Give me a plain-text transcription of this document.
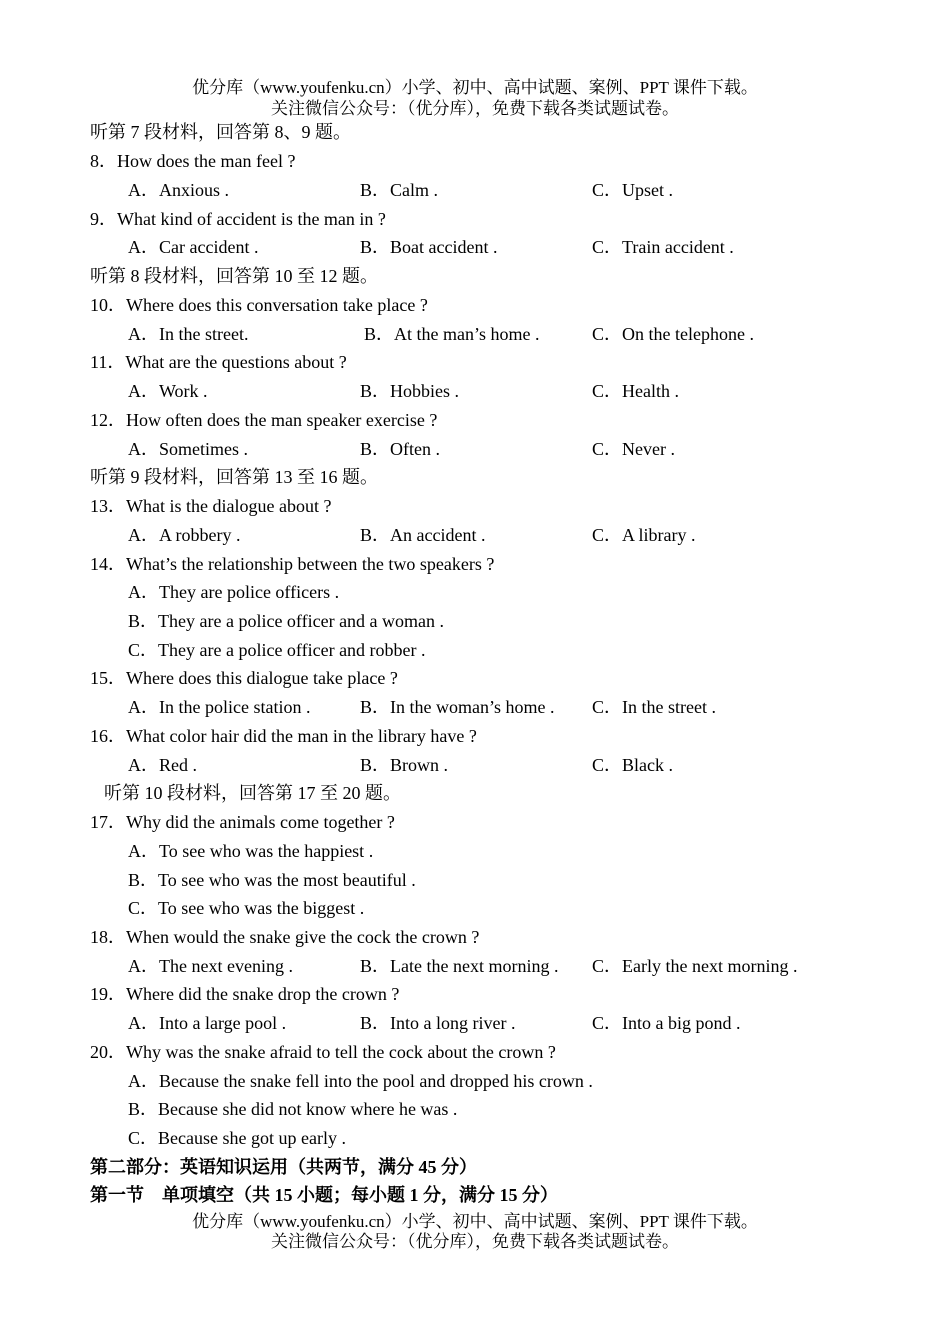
优分库（www.youfenku.cn）小学、初中、高中试题、案例、PPT 课件下载。
关注微信公众号：（优分库），免费下载各类试题试卷。
听第 7 段材料，回答第 8、9 题。
8．How does the man feel ?
A．Anxious .	B．Calm .	C．Upset .
9．What kind of accident is the man in ?
A．Car accident .	B．Boat accident .	C．Train accident .
听第 8 段材料，回答第 10 至 12 题。
10．Where does this conversation take place ?
A．In the street.	B．At the man’s home .	C．On the telephone .
11．What are the questions about ?
A．Work .	B．Hobbies .	C．Health .
12．How often does the man speaker exercise ?
A．Sometimes .	B．Often .	C．Never .
听第 9 段材料，回答第 13 至 16 题。
13．What is the dialogue about ?
A．A robbery .	B．An accident .	C．A library .
14．What’s the relationship between the two speakers ?
A．They are police officers .
B．They are a police officer and a woman .
C．They are a police officer and robber .
15．Where does this dialogue take place ?
A．In the police station .	B．In the woman’s home . C．In the street .
16．What color hair did the man in the library have ?
A．Red .	B．Brown .	C．Black .
听第 10 段材料，回答第 17 至 20 题。
17．Why did the animals come together ?
A．To see who was the happiest .
B．To see who was the most beautiful .
C．To see who was the biggest .
18．When would the snake give the cock the crown ?
A．The next evening .	B．Late the next morning . C．Early the next morning .
19．Where did the snake drop the crown ?
A．Into a large pool .	B．Into a long river .	C．Into a big pond .
20．Why was the snake afraid to tell the cock about the crown ?
A．Because the snake fell into the pool and dropped his crown .
B．Because she did not know where he was .
C．Because she got up early .
第二部分：英语知识运用（共两节，满分 45 分）
第一节　单项填空（共 15 小题；每小题 1 分，满分 15 分）
优分库（www.youfenku.cn）小学、初中、高中试题、案例、PPT 课件下载。
关注微信公众号：（优分库），免费下载各类试题试卷。
